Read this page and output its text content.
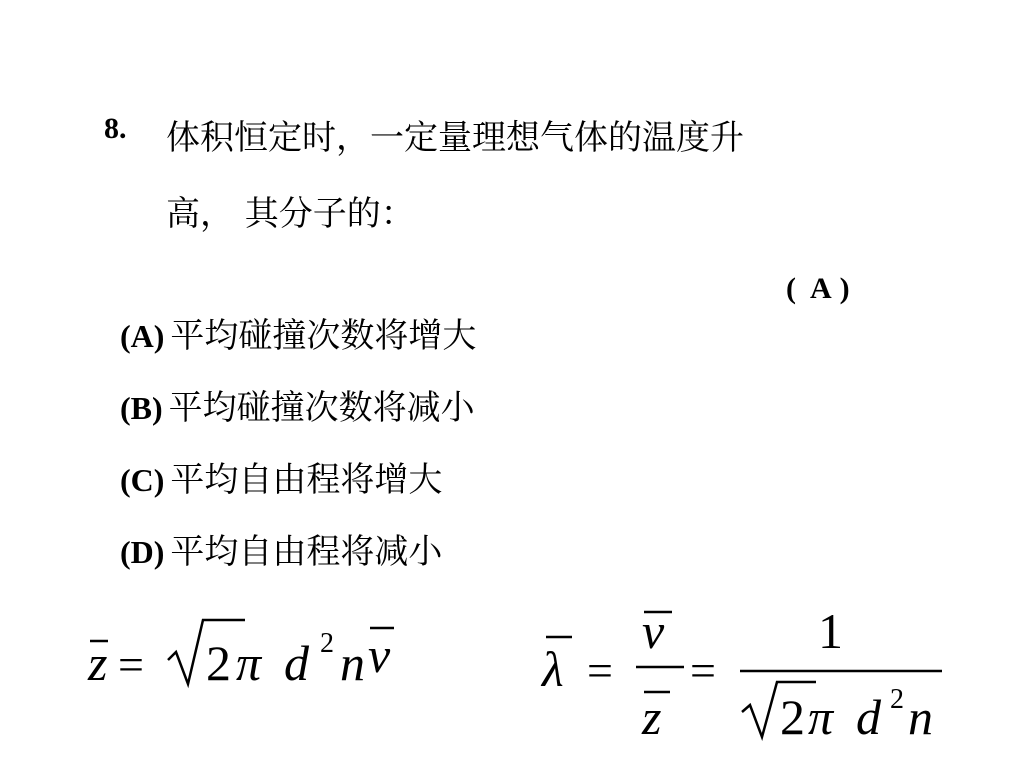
8. 体积恒定时，一定量理想气体的温度升
高， 其分子的：
( A )
(A) 平均碰撞次数将增大
(B) 平均碰撞次数将减小
(C) 平均自由程将增大
(D) 平均自由程将减小
z = 2 π d 2 n v	λ =
v
z
=
1
2 π d 2 n
